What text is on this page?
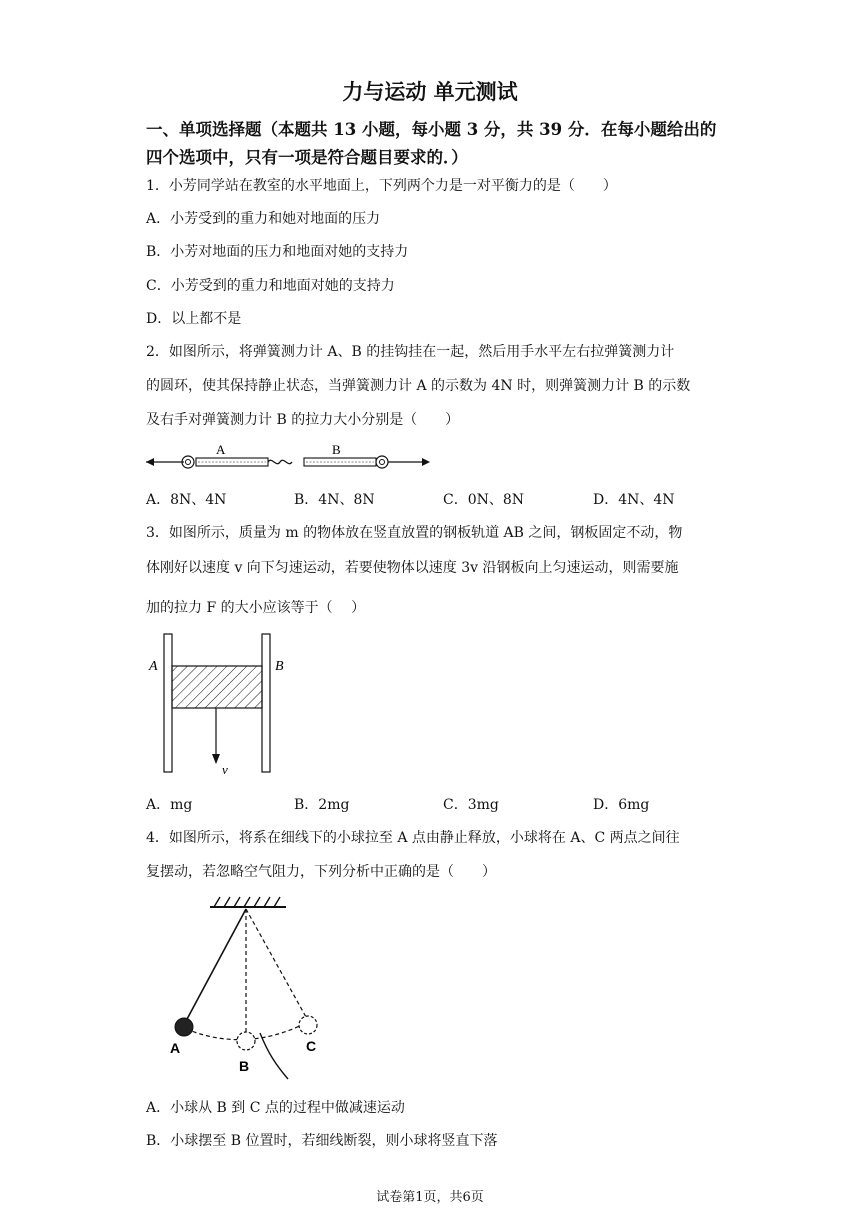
力与运动 单元测试
一、单项选择题（本题共 13 小题，每小题 3 分，共 39 分．在每小题给出的
四个选项中，只有一项是符合题目要求的．）
1．小芳同学站在教室的水平地面上，下列两个力是一对平衡力的是（　　）
A．小芳受到的重力和她对地面的压力
B．小芳对地面的压力和地面对她的支持力
C．小芳受到的重力和地面对她的支持力
D．以上都不是
2．如图所示，将弹簧测力计 A、B 的挂钩挂在一起，然后用手水平左右拉弹簧测力计
的圆环，使其保持静止状态，当弹簧测力计 A 的示数为 4N 时，则弹簧测力计 B 的示数
及右手对弹簧测力计 B 的拉力大小分别是（　　）
A	B
A．8N、4N	B．4N、8N	C．0N、8N	D．4N、4N
3．如图所示，质量为 m 的物体放在竖直放置的钢板轨道 AB 之间，钢板固定不动，物
体刚好以速度 v 向下匀速运动，若要使物体以速度 3v 沿钢板向上匀速运动，则需要施
加的拉力 F 的大小应该等于（　 ）
A	B
v
A．mg	B．2mg	C．3mg	D．6mg
4．如图所示，将系在细线下的小球拉至 A 点由静止释放，小球将在 A、C 两点之间往
复摆动，若忽略空气阻力，下列分析中正确的是（　　）
A
B
C
A．小球从 B 到 C 点的过程中做减速运动
B．小球摆至 B 位置时，若细线断裂，则小球将竖直下落
试卷第1页，共6页
